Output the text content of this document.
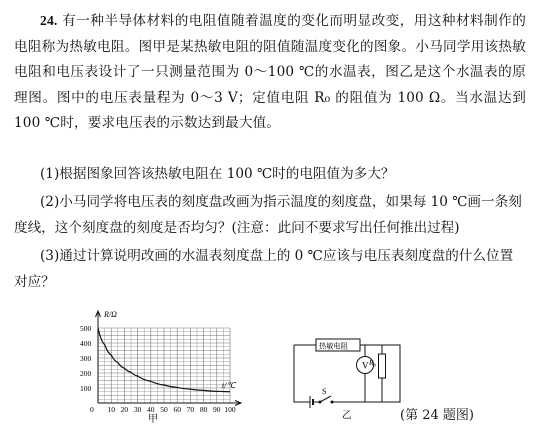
24. 有一种半导体材料的电阻值随着温度的变化而明显改变，用这种材料制作的电阻称为热敏电阻。图甲是某热敏电阻的阻值随温度变化的图象。小马同学用该热敏电阻和电压表设计了一只测量范围为 0～100 ℃的水温表，图乙是这个水温表的原理图。图中的电压表量程为 0～3 V；定值电阻 R₀ 的阻值为 100 Ω。当水温达到 100 ℃时，要求电压表的示数达到最大值。

(1)根据图象回答该热敏电阻在 100 ℃时的电阻值为多大？

(2)小马同学将电压表的刻度盘改画为指示温度的刻度盘，如果每 10 ℃画一条刻度线，这个刻度盘的刻度是否均匀？(注意：此问不要求写出任何推出过程)

(3)通过计算说明改画的水温表刻度盘上的 0 ℃应该与电压表刻度盘的什么位置对应？

500
400
300
200
100
0 10 20 30 40 50 60 70 80 90 100
R/Ω
t/℃
甲
热敏电阻
V R₀
S
乙	(第 24 题图)
